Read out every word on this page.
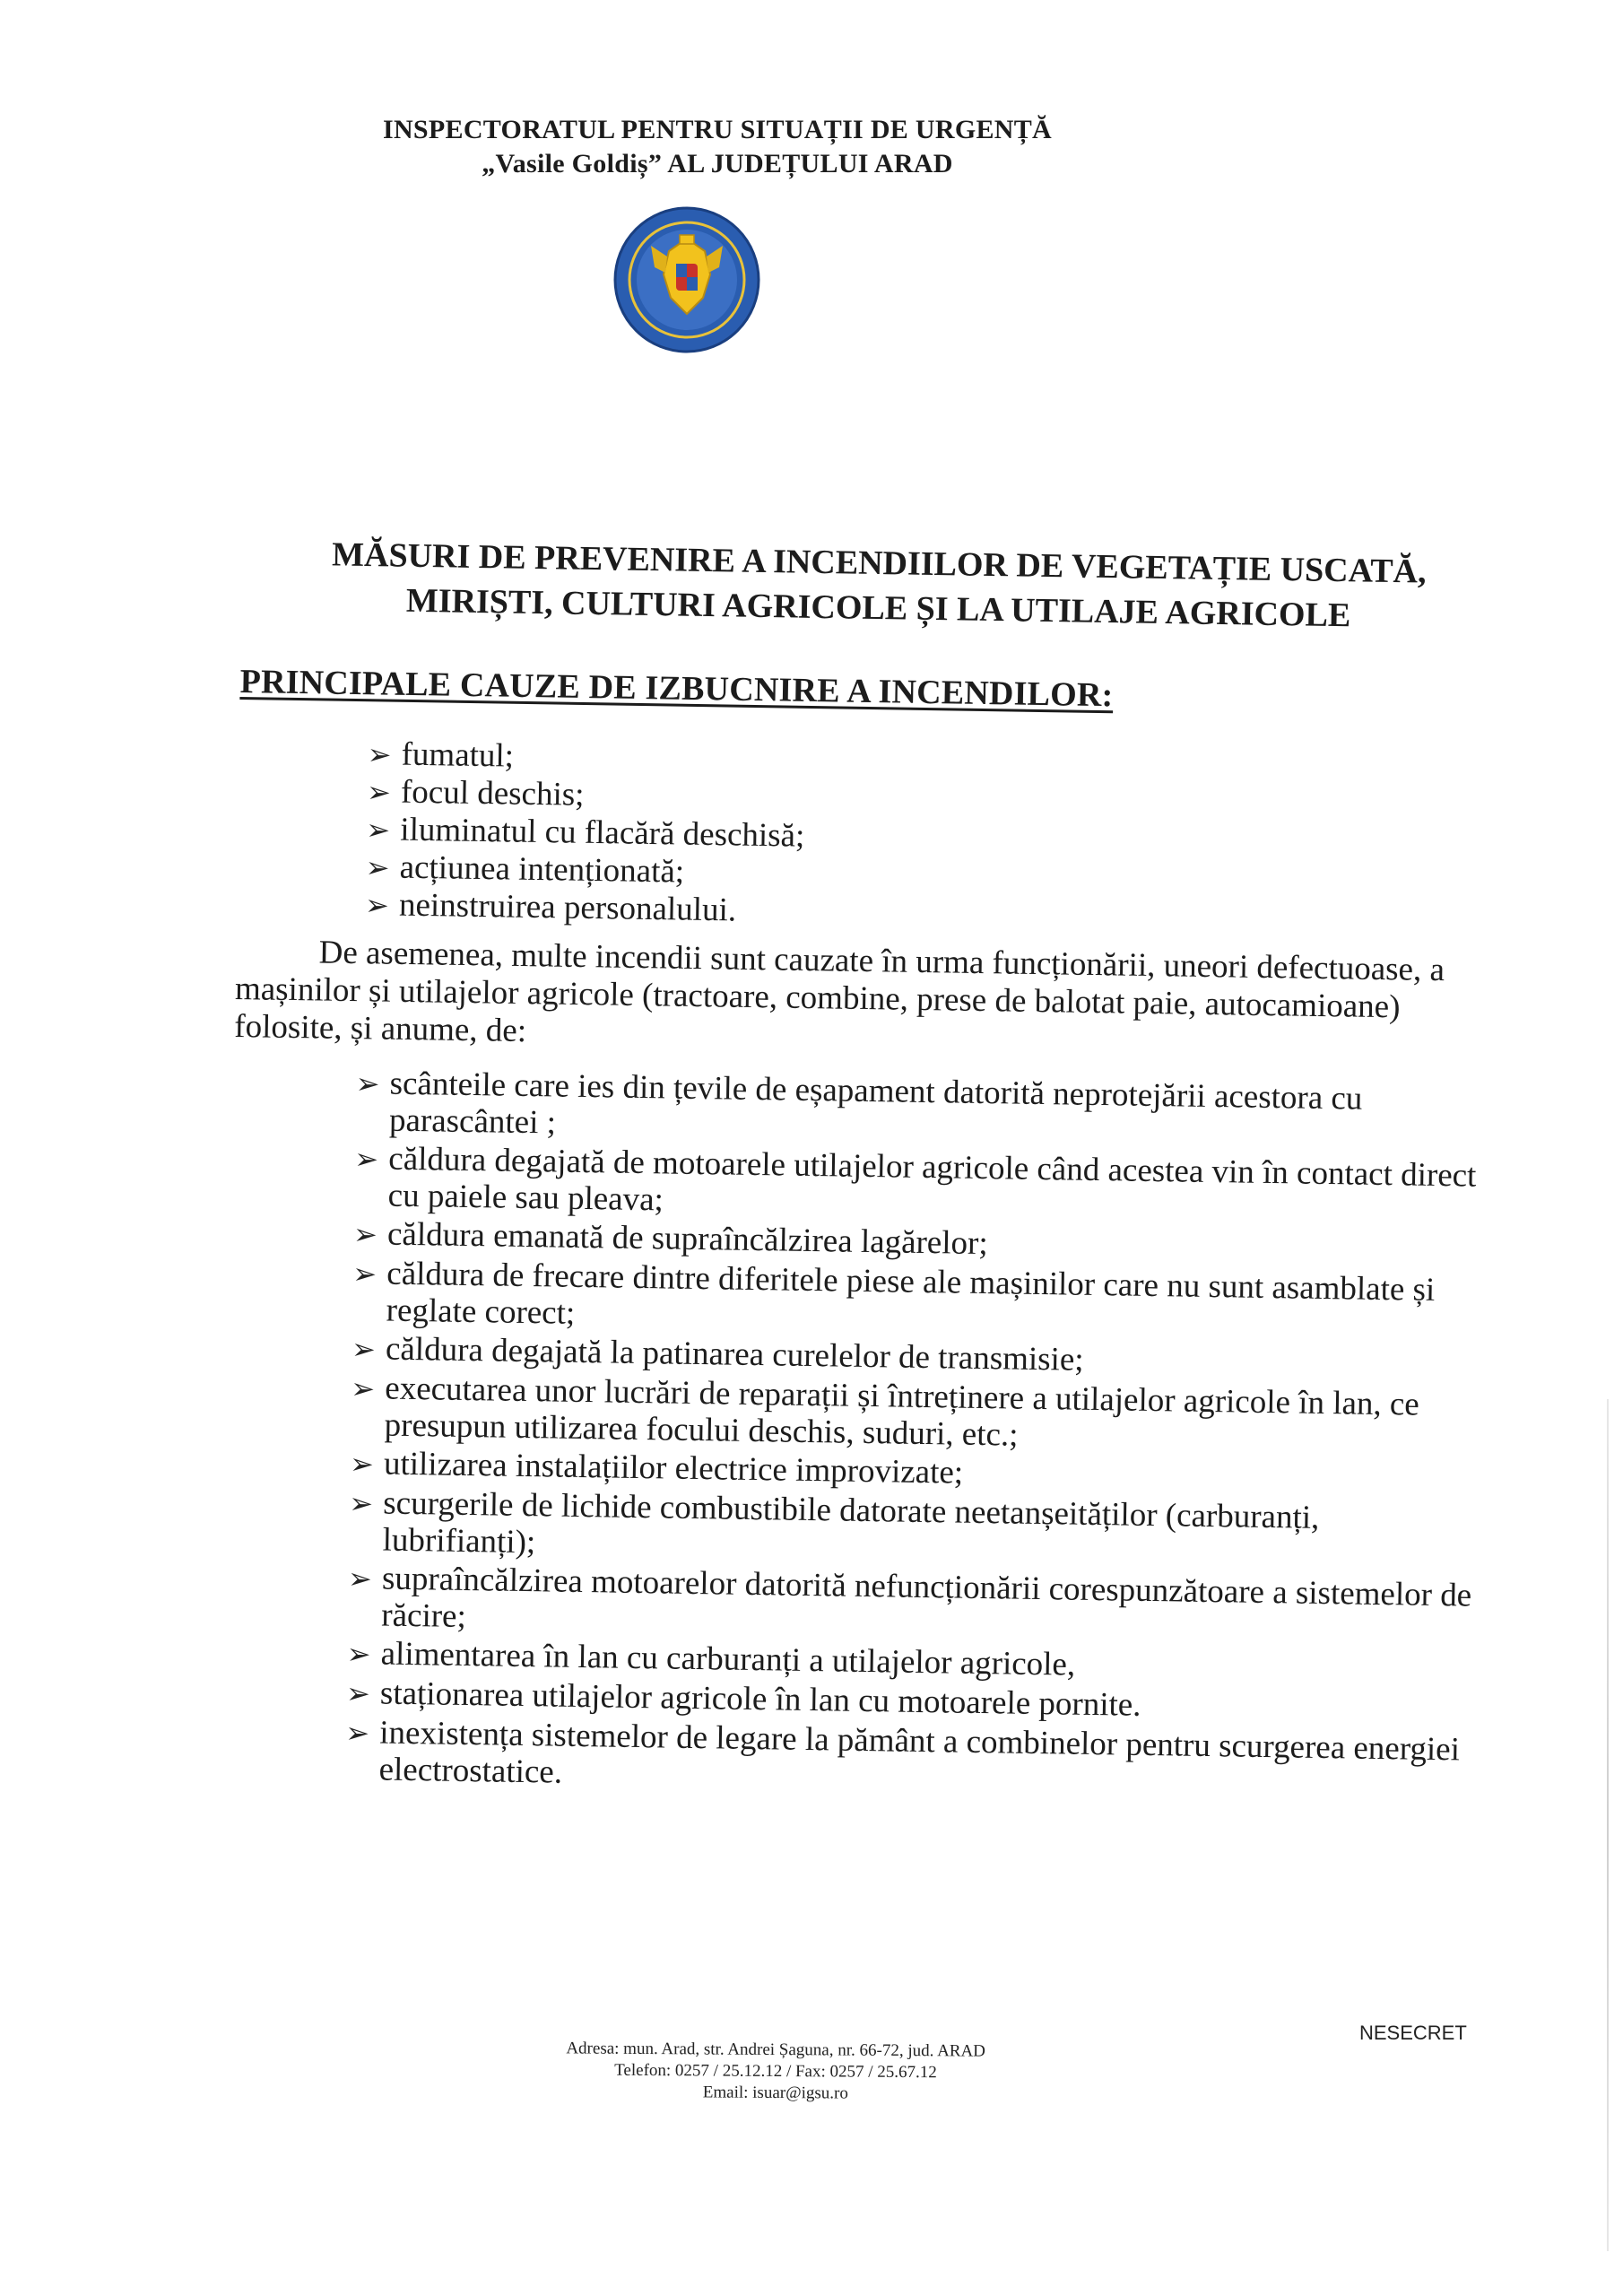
INSPECTORATUL PENTRU SITUAȚII DE URGENȚĂ
„Vasile Goldiș” AL JUDEȚULUI ARAD
MĂSURI DE PREVENIRE A INCENDIILOR DE VEGETAȚIE USCATĂ,
MIRIȘTI, CULTURI AGRICOLE ȘI LA UTILAJE AGRICOLE
PRINCIPALE CAUZE DE IZBUCNIRE A INCENDILOR:
➢ fumatul;
➢ focul deschis;
➢ iluminatul cu flacără deschisă;
➢ acțiunea intenționată;
➢ neinstruirea personalului.
De asemenea, multe incendii sunt cauzate în urma funcționării, uneori defectuoase, a mașinilor și utilajelor agricole (tractoare, combine, prese de balotat paie, autocamioane) folosite, și anume, de:
➢ scânteile care ies din țevile de eșapament datorită neprotejării acestora cu parascântei ;
➢ căldura degajată de motoarele utilajelor agricole când acestea vin în contact direct cu paiele sau pleava;
➢ căldura emanată de supraîncălzirea lagărelor;
➢ căldura de frecare dintre diferitele piese ale mașinilor care nu sunt asamblate și reglate corect;
➢ căldura degajată la patinarea curelelor de transmisie;
➢ executarea unor lucrări de reparații și întreținere a utilajelor agricole în lan, ce presupun utilizarea focului deschis, suduri, etc.;
➢ utilizarea instalațiilor electrice improvizate;
➢ scurgerile de lichide combustibile datorate neetanșeităților (carburanți, lubrifianți);
➢ supraîncălzirea motoarelor datorită nefuncționării corespunzătoare a sistemelor de răcire;
➢ alimentarea în lan cu carburanți a utilajelor agricole,
➢ staționarea utilajelor agricole în lan cu motoarele pornite.
➢ inexistența sistemelor de legare la pământ a combinelor pentru scurgerea energiei electrostatice.
Adresa: mun. Arad, str. Andrei Șaguna, nr. 66-72, jud. ARAD
Telefon: 0257 / 25.12.12 / Fax: 0257 / 25.67.12
Email: isuar@igsu.ro
NESECRET
